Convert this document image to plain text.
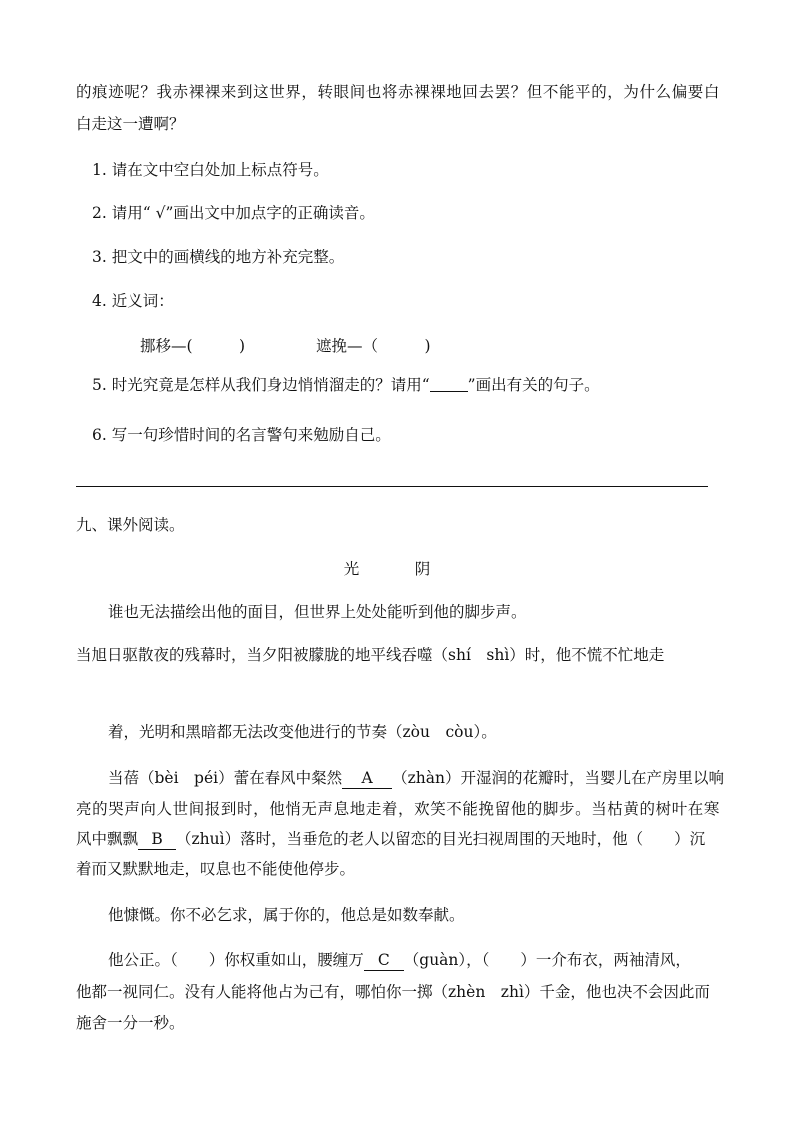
的痕迹呢？我赤裸裸来到这世界，转眼间也将赤裸裸地回去罢？但不能平的，为什么偏要白
白走这一遭啊？
1. 请在文中空白处加上标点符号。
2. 请用“ √”画出文中加点字的正确读音。
3. 把文中的画横线的地方补充完整。
4. 近义词：
挪移—(　　　)	遮挽—（　　　)
5. 时光究竟是怎样从我们身边悄悄溜走的？请用“ ”画出有关的句子。
6. 写一句珍惜时间的名言警句来勉励自己。
九、课外阅读。
光　阴
谁也无法描绘出他的面目，但世界上处处能听到他的脚步声。
当旭日驱散夜的残幕时，当夕阳被朦胧的地平线吞噬（shí　shì）时，他不慌不忙地走
着，光明和黑暗都无法改变他进行的节奏（zòu　còu）。
当蓓（bèi　péi）蕾在春风中粲然 A （zhàn）开湿润的花瓣时，当婴儿在产房里以响
亮的哭声向人世间报到时，他悄无声息地走着，欢笑不能挽留他的脚步。当枯黄的树叶在寒
风中飘飘 B （zhuì）落时，当垂危的老人以留恋的目光扫视周围的天地时，他（　　）沉
着而又默默地走，叹息也不能使他停步。
他慷慨。你不必乞求，属于你的，他总是如数奉献。
他公正。（　　）你权重如山，腰缠万 C （guàn），（　　）一介布衣，两袖清风，
他都一视同仁。没有人能将他占为己有，哪怕你一掷（zhèn　zhì）千金，他也决不会因此而
施舍一分一秒。
